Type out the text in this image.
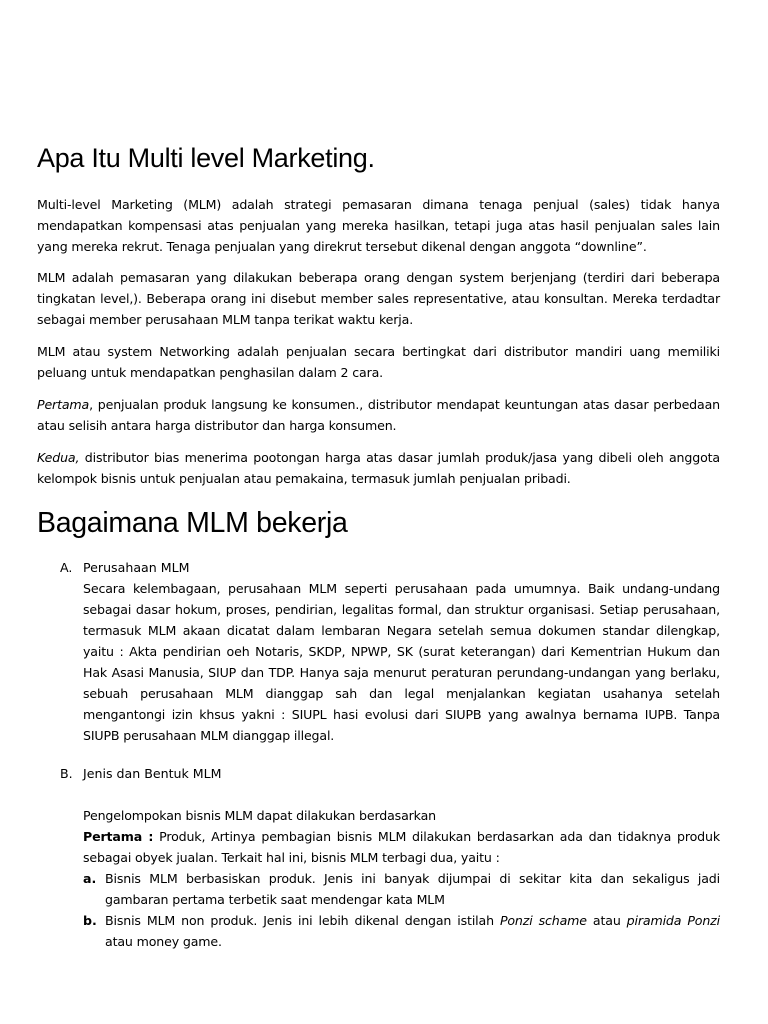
Apa Itu Multi level Marketing.

Multi-level Marketing (MLM) adalah strategi pemasaran dimana tenaga penjual (sales) tidak hanya mendapatkan kompensasi atas penjualan yang mereka hasilkan, tetapi juga atas hasil penjualan sales lain yang mereka rekrut. Tenaga penjualan yang direkrut tersebut dikenal dengan anggota “downline”.

MLM adalah pemasaran yang dilakukan beberapa orang dengan system berjenjang (terdiri dari beberapa tingkatan level,). Beberapa orang ini disebut member sales representative, atau konsultan. Mereka terdadtar sebagai member perusahaan MLM tanpa terikat waktu kerja.

MLM atau system Networking adalah penjualan secara bertingkat dari distributor mandiri uang memiliki peluang untuk mendapatkan penghasilan dalam 2 cara.

Pertama, penjualan produk langsung ke konsumen., distributor mendapat keuntungan atas dasar perbedaan atau selisih antara harga distributor dan harga konsumen.

Kedua, distributor bias menerima pootongan harga atas dasar jumlah produk/jasa yang dibeli oleh anggota kelompok bisnis untuk penjualan atau pemakaina, termasuk jumlah penjualan pribadi.

Bagaimana MLM bekerja
A. Perusahaan MLM

Secara kelembagaan, perusahaan MLM seperti perusahaan pada umumnya. Baik undang-undang sebagai dasar hokum, proses, pendirian, legalitas formal, dan struktur organisasi. Setiap perusahaan, termasuk MLM akaan dicatat dalam lembaran Negara setelah semua dokumen standar dilengkap, yaitu : Akta pendirian oeh Notaris, SKDP, NPWP, SK (surat keterangan) dari Kementrian Hukum dan Hak Asasi Manusia, SIUP dan TDP. Hanya saja menurut peraturan perundang-undangan yang berlaku, sebuah perusahaan MLM dianggap sah dan legal menjalankan kegiatan usahanya setelah mengantongi izin khsus yakni : SIUPL hasi evolusi dari SIUPB yang awalnya bernama IUPB. Tanpa SIUPB perusahaan MLM dianggap illegal.

B. Jenis dan Bentuk MLM

Pengelompokan bisnis MLM dapat dilakukan berdasarkan

Pertama : Produk, Artinya pembagian bisnis MLM dilakukan berdasarkan ada dan tidaknya produk sebagai obyek jualan. Terkait hal ini, bisnis MLM terbagi dua, yaitu :

a. Bisnis MLM berbasiskan produk. Jenis ini banyak dijumpai di sekitar kita dan sekaligus jadi gambaran pertama terbetik saat mendengar kata MLM

b. Bisnis MLM non produk. Jenis ini lebih dikenal dengan istilah Ponzi schame atau piramida Ponzi atau money game.
